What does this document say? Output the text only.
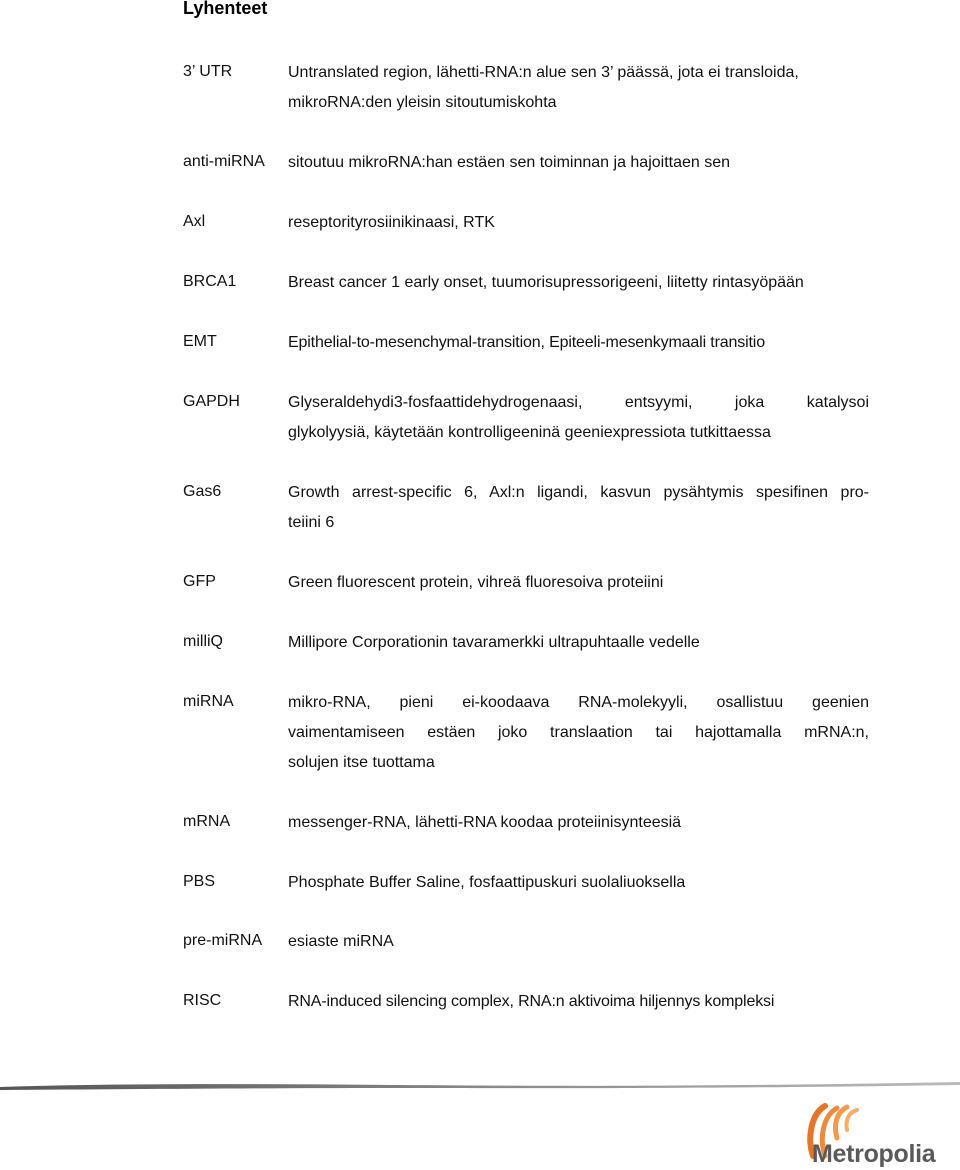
Lyhenteet
3’ UTR	Untranslated region, lähetti-RNA:n alue sen 3’ päässä, jota ei transloida,
mikroRNA:den yleisin sitoutumiskohta
anti-miRNA sitoutuu mikroRNA:han estäen sen toiminnan ja hajoittaen sen
Axl	reseptorityrosiinikinaasi, RTK
BRCA1	Breast cancer 1 early onset, tuumorisupressorigeeni, liitetty rintasyöpään
EMT	Epithelial-to-mesenchymal-transition, Epiteeli-mesenkymaali transitio
GAPDH	Glyseraldehydi3-fosfaattidehydrogenaasi, entsyymi, joka katalysoi
glykolyysiä, käytetään kontrolligeeninä geeniexpressiota tutkittaessa
Gas6	Growth arrest-specific 6, Axl:n ligandi, kasvun pysähtymis spesifinen pro-
teiini 6
GFP	Green fluorescent protein, vihreä fluoresoiva proteiini
milliQ	Millipore Corporationin tavaramerkki ultrapuhtaalle vedelle
miRNA	mikro-RNA, pieni ei-koodaava RNA-molekyyli, osallistuu geenien
vaimentamiseen estäen joko translaation tai hajottamalla mRNA:n,
solujen itse tuottama
mRNA	messenger-RNA, lähetti-RNA koodaa proteiinisynteesiä
PBS	Phosphate Buffer Saline, fosfaattipuskuri suolaliuoksella
pre-miRNA esiaste miRNA
RISC	RNA-induced silencing complex, RNA:n aktivoima hiljennys kompleksi
Metropolia
